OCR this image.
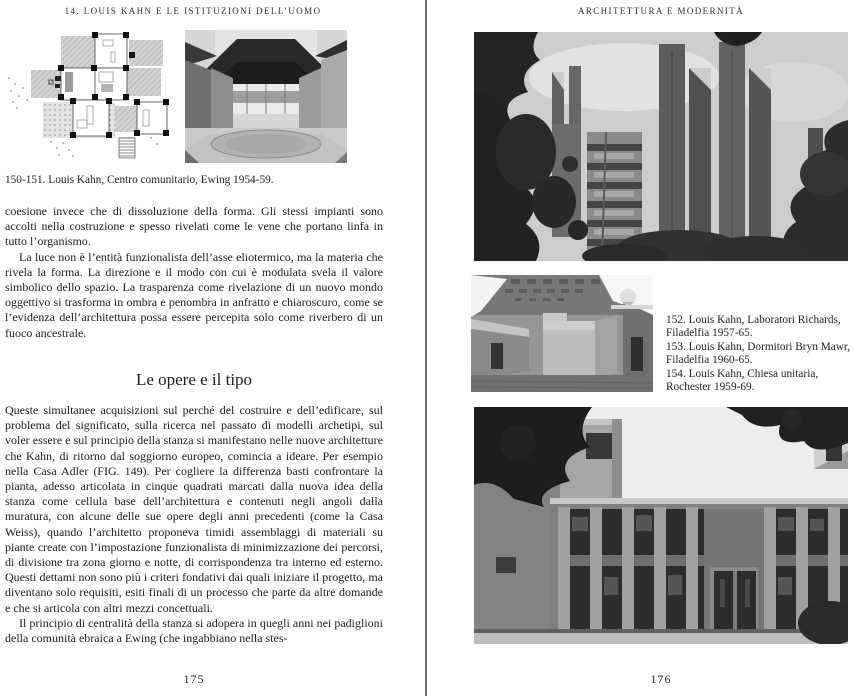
14. LOUIS KAHN E LE ISTITUZIONI DELL’UOMO
150-151. Louis Kahn, Centro comunitario, Ewing 1954-59.

coesione invece che di dissoluzione della forma. Gli stessi impianti sono accolti nella costruzione e spesso rivelati come le vene che portano linfa in tutto l’organismo.

La luce non è l’entità funzionalista dell’asse eliotermico, ma la materia che rivela la forma. La direzione e il modo con cui è modulata svela il valore simbolico dello spazio. La trasparenza come rivelazione di un nuovo mondo oggettivo si trasforma in ombra e penombra in anfratto e chiaroscuro, come se l’evidenza dell’architettura possa essere percepita solo come riverbero di un fuoco ancestrale.

Le opere e il tipo

Queste simultanee acquisizioni sul perché del costruire e dell’edificare, sul problema del significato, sulla ricerca nel passato di modelli archetipi, sul voler essere e sul principio della stanza si manifestano nelle nuove architetture che Kahn, di ritorno dal soggiorno europeo, comincia a ideare. Per esempio nella Casa Adler (FIG. 149). Per cogliere la differenza basti confrontare la pianta, adesso articolata in cinque quadrati marcati dalla nuova idea della stanza come cellula base dell’architettura e contenuti negli angoli dalla muratura, con alcune delle sue opere degli anni precedenti (come la Casa Weiss), quando l’architetto proponeva timidi assemblaggi di materiali su piante create con l’impostazione funzionalista di minimizzazione dei percorsi, di divisione tra zona giorno e notte, di corrispondenza tra interno ed esterno. Questi dettami non sono più i criteri fondativi dai quali iniziare il progetto, ma diventano solo requisiti, esiti finali di un processo che parte da altre domande e che si articola con altri mezzi concettuali.

Il principio di centralità della stanza si adopera in quegli anni nei padiglioni della comunità ebraica a Ewing (che ingabbiano nella stes-

175
ARCHITETTURA E MODERNITÀ

152. Louis Kahn, Laboratori Richards, Filadelfia 1957-65.

153. Louis Kahn, Dormitori Bryn Mawr, Filadelfia 1960-65.

154. Louis Kahn, Chiesa unitaria, Rochester 1959-69.

176
